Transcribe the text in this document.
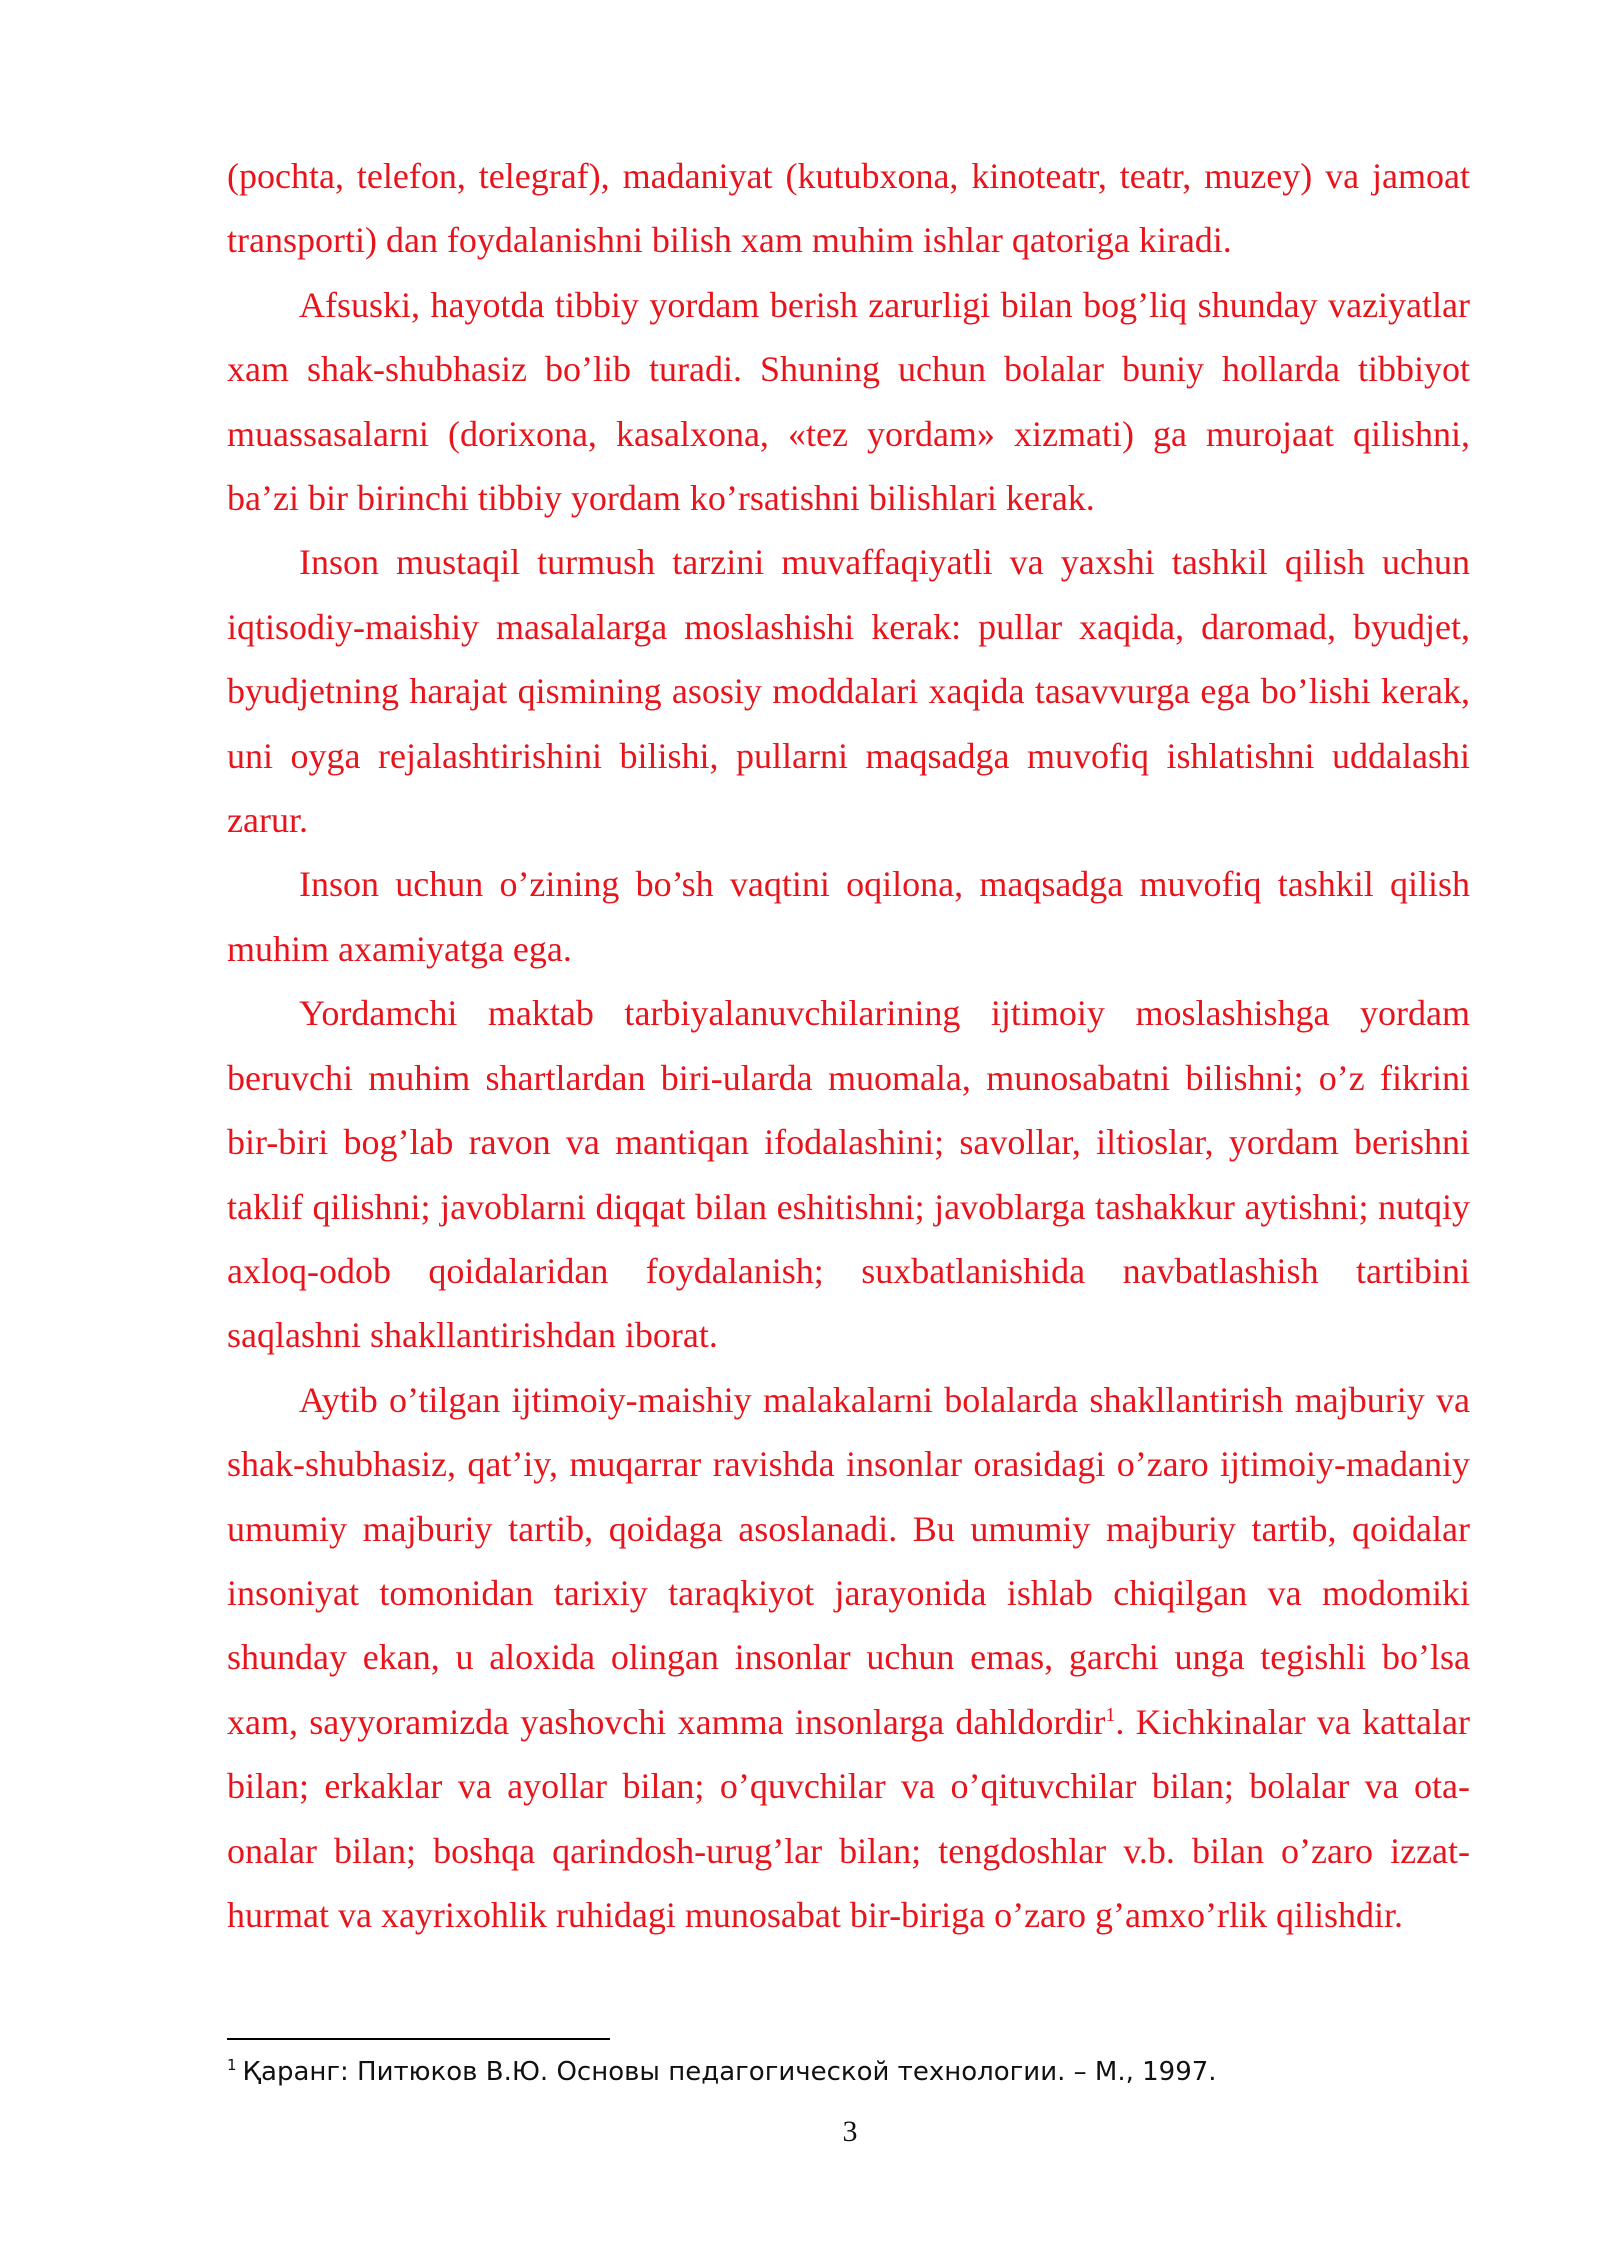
(pochta, telefon, telegraf), madaniyat (kutubxona, kinoteatr, teatr, muzey) va jamoat transporti) dan foydalanishni bilish xam muhim ishlar qatoriga kiradi.

Afsuski, hayotda tibbiy yordam berish zarurligi bilan bog’liq shunday vaziyatlar xam shak-shubhasiz bo’lib turadi. Shuning uchun bolalar buniy hollarda tibbiyot muassasalarni (dorixona, kasalxona, «tez yordam» xizmati) ga murojaat qilishni, ba’zi bir birinchi tibbiy yordam ko’rsatishni bilishlari kerak.

Inson mustaqil turmush tarzini muvaffaqiyatli va yaxshi tashkil qilish uchun iqtisodiy-maishiy masalalarga moslashishi kerak: pullar xaqida, daromad, byudjet, byudjetning harajat qismining asosiy moddalari xaqida tasavvurga ega bo’lishi kerak, uni oyga rejalashtirishini bilishi, pullarni maqsadga muvofiq ishlatishni uddalashi zarur.

Inson uchun o’zining bo’sh vaqtini oqilona, maqsadga muvofiq tashkil qilish muhim axamiyatga ega.

Yordamchi maktab tarbiyalanuvchilarining ijtimoiy moslashishga yordam beruvchi muhim shartlardan biri-ularda muomala, munosabatni bilishni; o’z fikrini bir-biri bog’lab ravon va mantiqan ifodalashini; savollar, iltioslar, yordam berishni taklif qilishni; javoblarni diqqat bilan eshitishni; javoblarga tashakkur aytishni; nutqiy axloq-odob qoidalaridan foydalanish; suxbatlanishida navbatlashish tartibini saqlashni shakllantirishdan iborat.

Aytib o’tilgan ijtimoiy-maishiy malakalarni bolalarda shakllantirish majburiy va shak-shubhasiz, qat’iy, muqarrar ravishda insonlar orasidagi o’zaro ijtimoiy-madaniy umumiy majburiy tartib, qoidaga asoslanadi. Bu umumiy majburiy tartib, qoidalar insoniyat tomonidan tarixiy taraqkiyot jarayonida ishlab chiqilgan va modomiki shunday ekan, u aloxida olingan insonlar uchun emas, garchi unga tegishli bo’lsa xam, sayyoramizda yashovchi xamma insonlarga dahldordir$^1$. Kichkinalar va kattalar bilan; erkaklar va ayollar bilan; o’quvchilar va o’qituvchilar bilan; bolalar va ota-onalar bilan; boshqa qarindosh-urug’lar bilan; tengdoshlar v.b. bilan o’zaro izzat-hurmat va xayrixohlik ruhidagi munosabat bir-biriga o’zaro g’amxo’rlik qilishdir.

$^1$ Қаранг: Питюков В.Ю. Основы педагогической технологии. – М., 1997.
3
